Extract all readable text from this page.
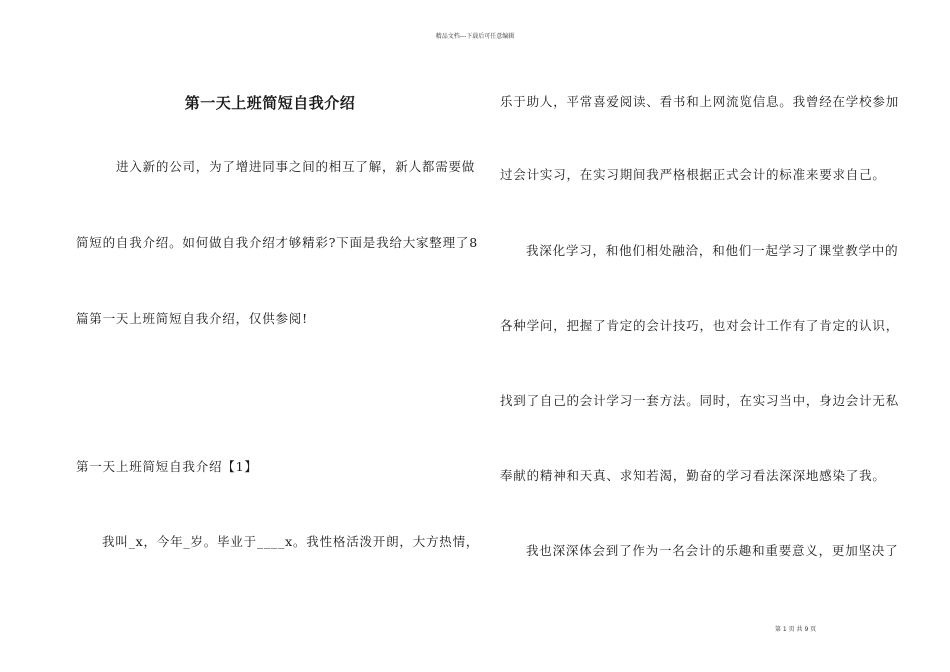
精品文档---下载后可任意编辑
第一天上班简短自我介绍
进入新的公司，为了增进同事之间的相互了解，新人都需要做
简短的自我介绍。如何做自我介绍才够精彩?下面是我给大家整理了8
篇第一天上班简短自我介绍，仅供参阅!
第一天上班简短自我介绍【1】
我叫_x，今年_岁。毕业于____x。我性格活泼开朗，大方热情，
乐于助人，平常喜爱阅读、看书和上网流览信息。我曾经在学校参加
过会计实习，在实习期间我严格根据正式会计的标准来要求自己。
我深化学习，和他们相处融洽，和他们一起学习了课堂教学中的
各种学问，把握了肯定的会计技巧，也对会计工作有了肯定的认识，
找到了自己的会计学习一套方法。同时，在实习当中，身边会计无私
奉献的精神和天真、求知若渴，勤奋的学习看法深深地感染了我。
我也深深体会到了作为一名会计的乐趣和重要意义，更加坚决了
第 1 页 共 9 页
